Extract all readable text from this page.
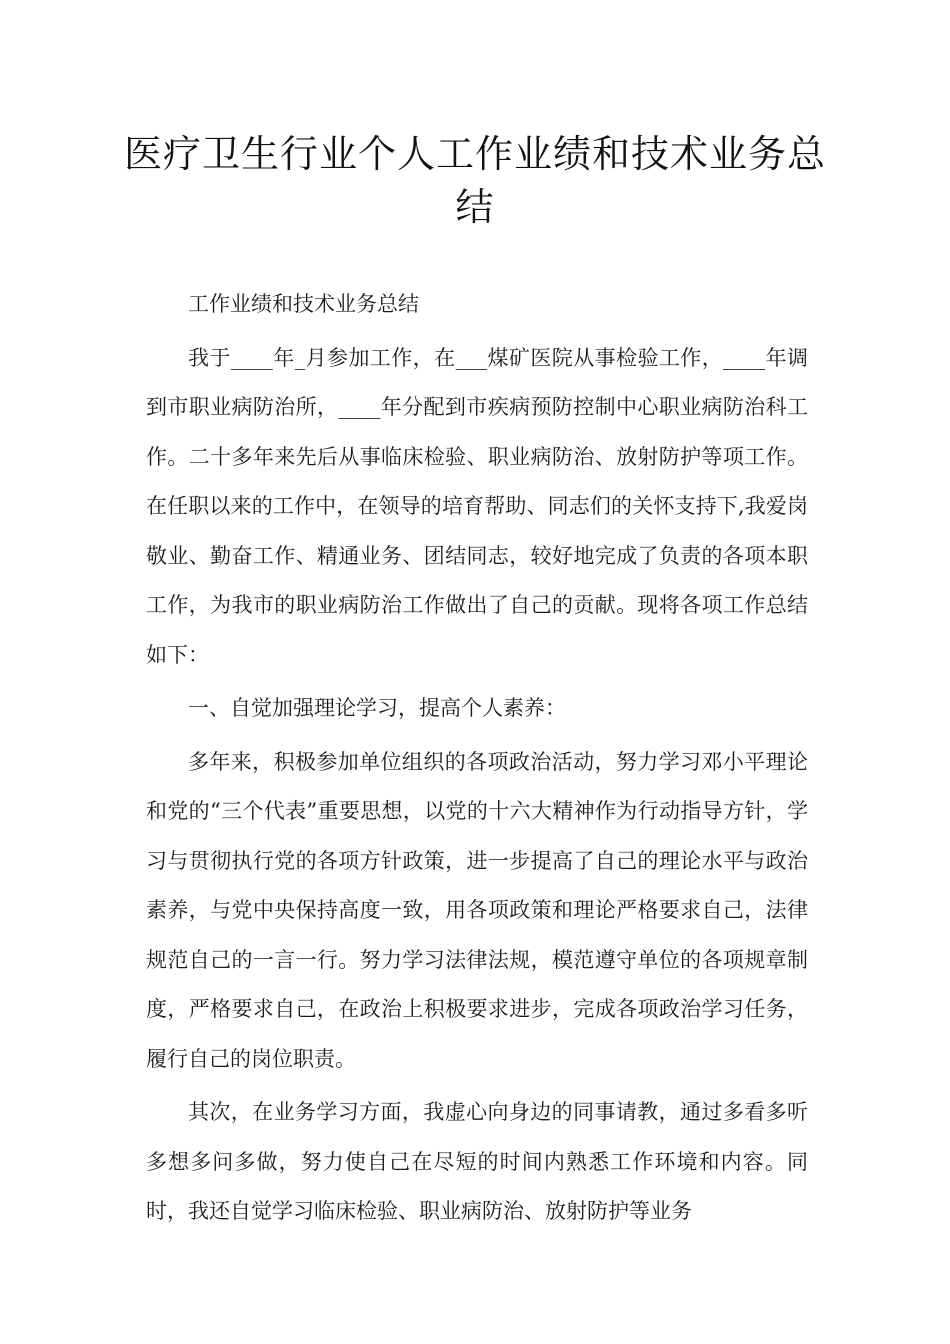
医疗卫生行业个人工作业绩和技术业务总结

工作业绩和技术业务总结

我于____年_月参加工作，在___煤矿医院从事检验工作，____年调到市职业病防治所，____年分配到市疾病预防控制中心职业病防治科工作。二十多年来先后从事临床检验、职业病防治、放射防护等项工作。在任职以来的工作中，在领导的培育帮助、同志们的关怀支持下,我爱岗敬业、勤奋工作、精通业务、团结同志，较好地完成了负责的各项本职工作，为我市的职业病防治工作做出了自己的贡献。现将各项工作总结如下：

一、自觉加强理论学习，提高个人素养：

多年来，积极参加单位组织的各项政治活动，努力学习邓小平理论和党的“三个代表”重要思想，以党的十六大精神作为行动指导方针，学习与贯彻执行党的各项方针政策，进一步提高了自己的理论水平与政治素养，与党中央保持高度一致，用各项政策和理论严格要求自己，法律规范自己的一言一行。努力学习法律法规，模范遵守单位的各项规章制度，严格要求自己，在政治上积极要求进步，完成各项政治学习任务，履行自己的岗位职责。

其次，在业务学习方面，我虚心向身边的同事请教，通过多看多听多想多问多做，努力使自己在尽短的时间内熟悉工作环境和内容。同时，我还自觉学习临床检验、职业病防治、放射防护等业务
